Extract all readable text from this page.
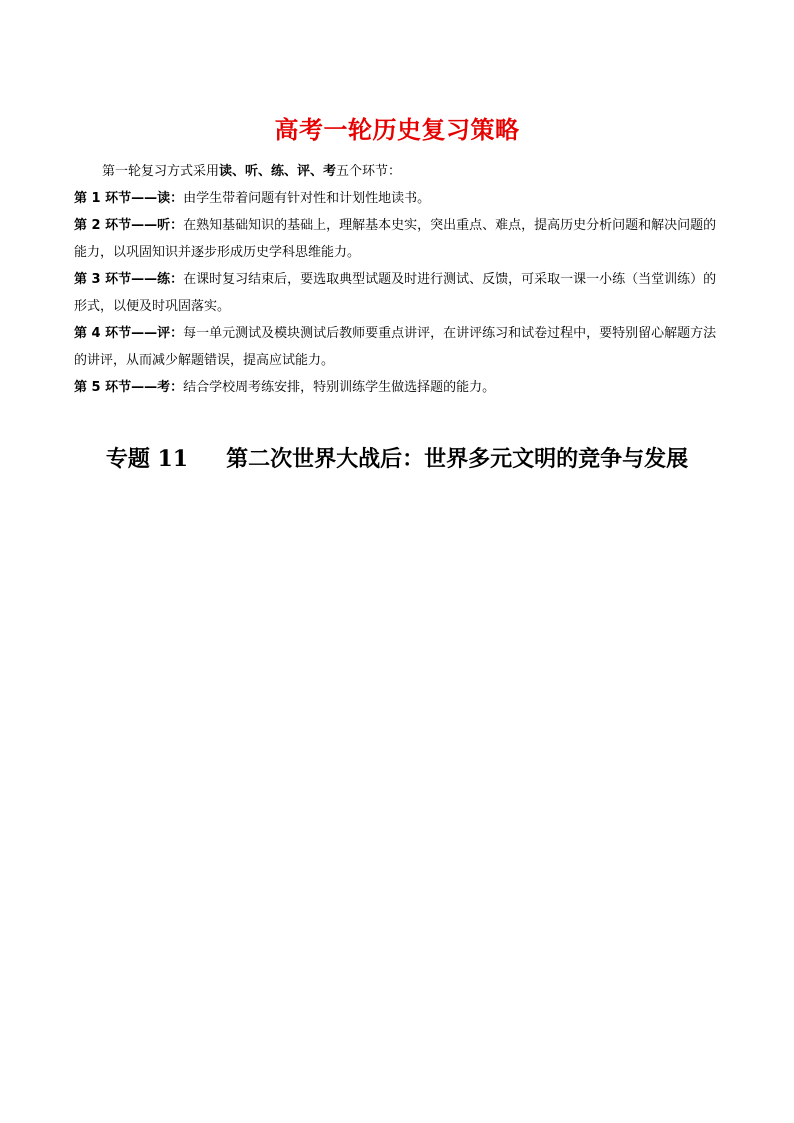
高考一轮历史复习策略
第一轮复习方式采用读、听、练、评、考五个环节：

第 1 环节——读：由学生带着问题有针对性和计划性地读书。

第 2 环节——听：在熟知基础知识的基础上，理解基本史实，突出重点、难点，提高历史分析问题和解决问题的能力，以巩固知识并逐步形成历史学科思维能力。

第 3 环节——练：在课时复习结束后，要选取典型试题及时进行测试、反馈，可采取一课一小练（当堂训练）的形式，以便及时巩固落实。

第 4 环节——评：每一单元测试及模块测试后教师要重点讲评，在讲评练习和试卷过程中，要特别留心解题方法的讲评，从而减少解题错误，提高应试能力。

第 5 环节——考：结合学校周考练安排，特别训练学生做选择题的能力。

专题 11 第二次世界大战后：世界多元文明的竞争与发展
